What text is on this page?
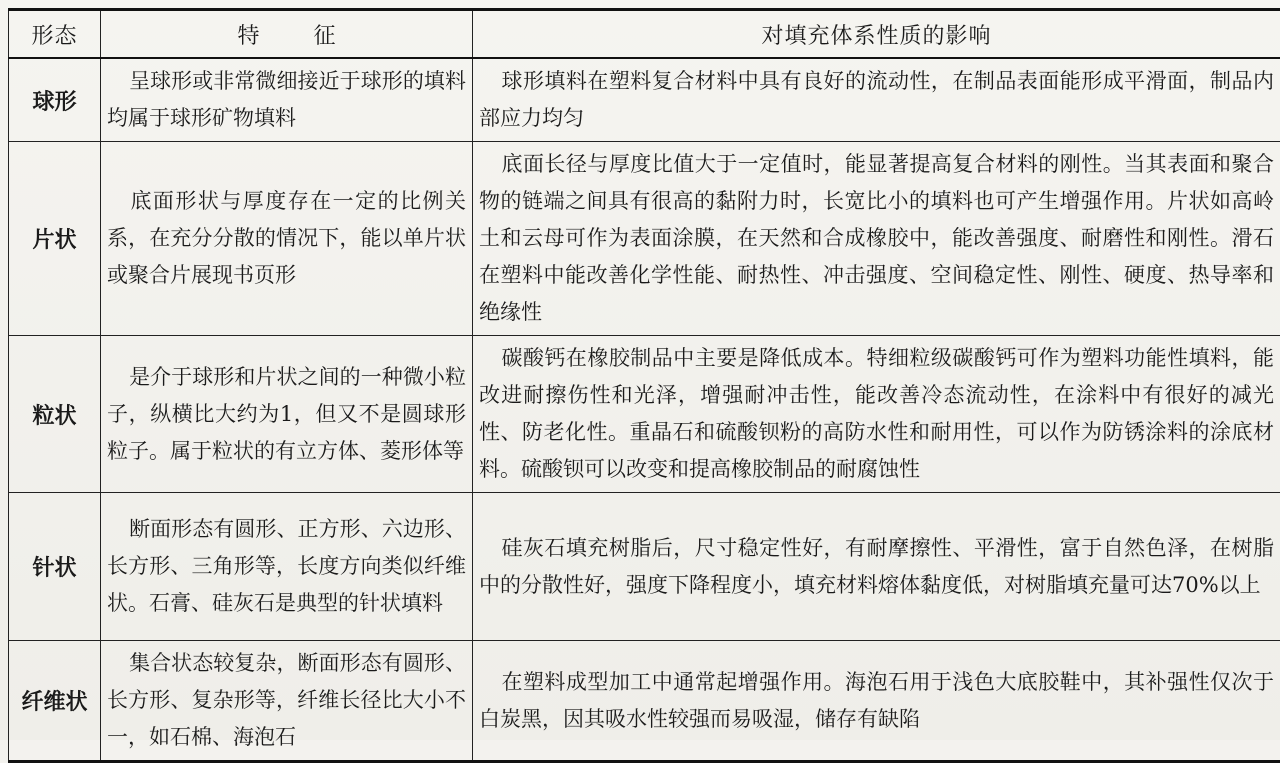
形态	特 征	对填充体系性质的影响
球形	呈球形或非常微细接近于球形的填料均属于球形矿物填料	球形填料在塑料复合材料中具有良好的流动性，在制品表面能形成平滑面，制品内部应力均匀
片状	底面形状与厚度存在一定的比例关系，在充分分散的情况下，能以单片状或聚合片展现书页形	底面长径与厚度比值大于一定值时，能显著提高复合材料的刚性。当其表面和聚合物的链端之间具有很高的黏附力时，长宽比小的填料也可产生增强作用。片状如高岭土和云母可作为表面涂膜，在天然和合成橡胶中，能改善强度、耐磨性和刚性。滑石在塑料中能改善化学性能、耐热性、冲击强度、空间稳定性、刚性、硬度、热导率和绝缘性
粒状	是介于球形和片状之间的一种微小粒子，纵横比大约为1，但又不是圆球形粒子。属于粒状的有立方体、菱形体等	碳酸钙在橡胶制品中主要是降低成本。特细粒级碳酸钙可作为塑料功能性填料，能改进耐擦伤性和光泽，增强耐冲击性，能改善冷态流动性，在涂料中有很好的减光性、防老化性。重晶石和硫酸钡粉的高防水性和耐用性，可以作为防锈涂料的涂底材料。硫酸钡可以改变和提高橡胶制品的耐腐蚀性
针状	断面形态有圆形、正方形、六边形、长方形、三角形等，长度方向类似纤维状。石膏、硅灰石是典型的针状填料	硅灰石填充树脂后，尺寸稳定性好，有耐摩擦性、平滑性，富于自然色泽，在树脂中的分散性好，强度下降程度小，填充材料熔体黏度低，对树脂填充量可达70%以上
纤维状	集合状态较复杂，断面形态有圆形、长方形、复杂形等，纤维长径比大小不一，如石棉、海泡石	在塑料成型加工中通常起增强作用。海泡石用于浅色大底胶鞋中，其补强性仅次于白炭黑，因其吸水性较强而易吸湿，储存有缺陷
